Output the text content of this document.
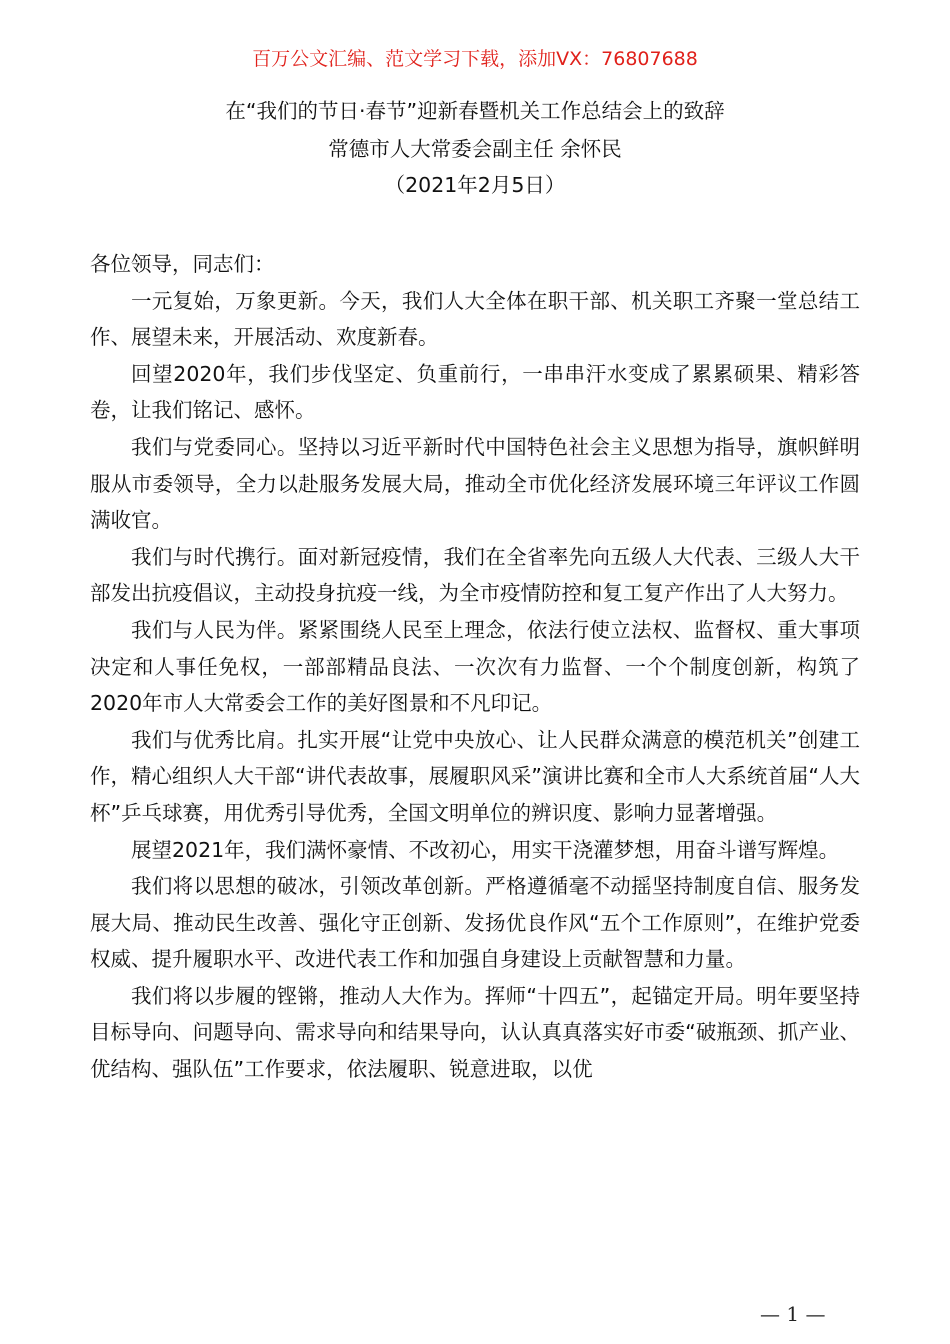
百万公文汇编、范文学习下载，添加VX：76807688
在“我们的节日·春节”迎新春暨机关工作总结会上的致辞
常德市人大常委会副主任 余怀民
（2021年2月5日）

各位领导，同志们：

一元复始，万象更新。今天，我们人大全体在职干部、机关职工齐聚一堂总结工作、展望未来，开展活动、欢度新春。

回望2020年，我们步伐坚定、负重前行，一串串汗水变成了累累硕果、精彩答卷，让我们铭记、感怀。

我们与党委同心。坚持以习近平新时代中国特色社会主义思想为指导，旗帜鲜明服从市委领导，全力以赴服务发展大局，推动全市优化经济发展环境三年评议工作圆满收官。

我们与时代携行。面对新冠疫情，我们在全省率先向五级人大代表、三级人大干部发出抗疫倡议，主动投身抗疫一线，为全市疫情防控和复工复产作出了人大努力。

我们与人民为伴。紧紧围绕人民至上理念，依法行使立法权、监督权、重大事项决定和人事任免权，一部部精品良法、一次次有力监督、一个个制度创新，构筑了2020年市人大常委会工作的美好图景和不凡印记。

我们与优秀比肩。扎实开展“让党中央放心、让人民群众满意的模范机关”创建工作，精心组织人大干部“讲代表故事，展履职风采”演讲比赛和全市人大系统首届“人大杯”乒乓球赛，用优秀引导优秀，全国文明单位的辨识度、影响力显著增强。

展望2021年，我们满怀豪情、不改初心，用实干浇灌梦想，用奋斗谱写辉煌。

我们将以思想的破冰，引领改革创新。严格遵循毫不动摇坚持制度自信、服务发展大局、推动民生改善、强化守正创新、发扬优良作风“五个工作原则”，在维护党委权威、提升履职水平、改进代表工作和加强自身建设上贡献智慧和力量。

我们将以步履的铿锵，推动人大作为。挥师“十四五”，起锚定开局。明年要坚持目标导向、问题导向、需求导向和结果导向，认认真真落实好市委“破瓶颈、抓产业、优结构、强队伍”工作要求，依法履职、锐意进取，以优

— 1 —
